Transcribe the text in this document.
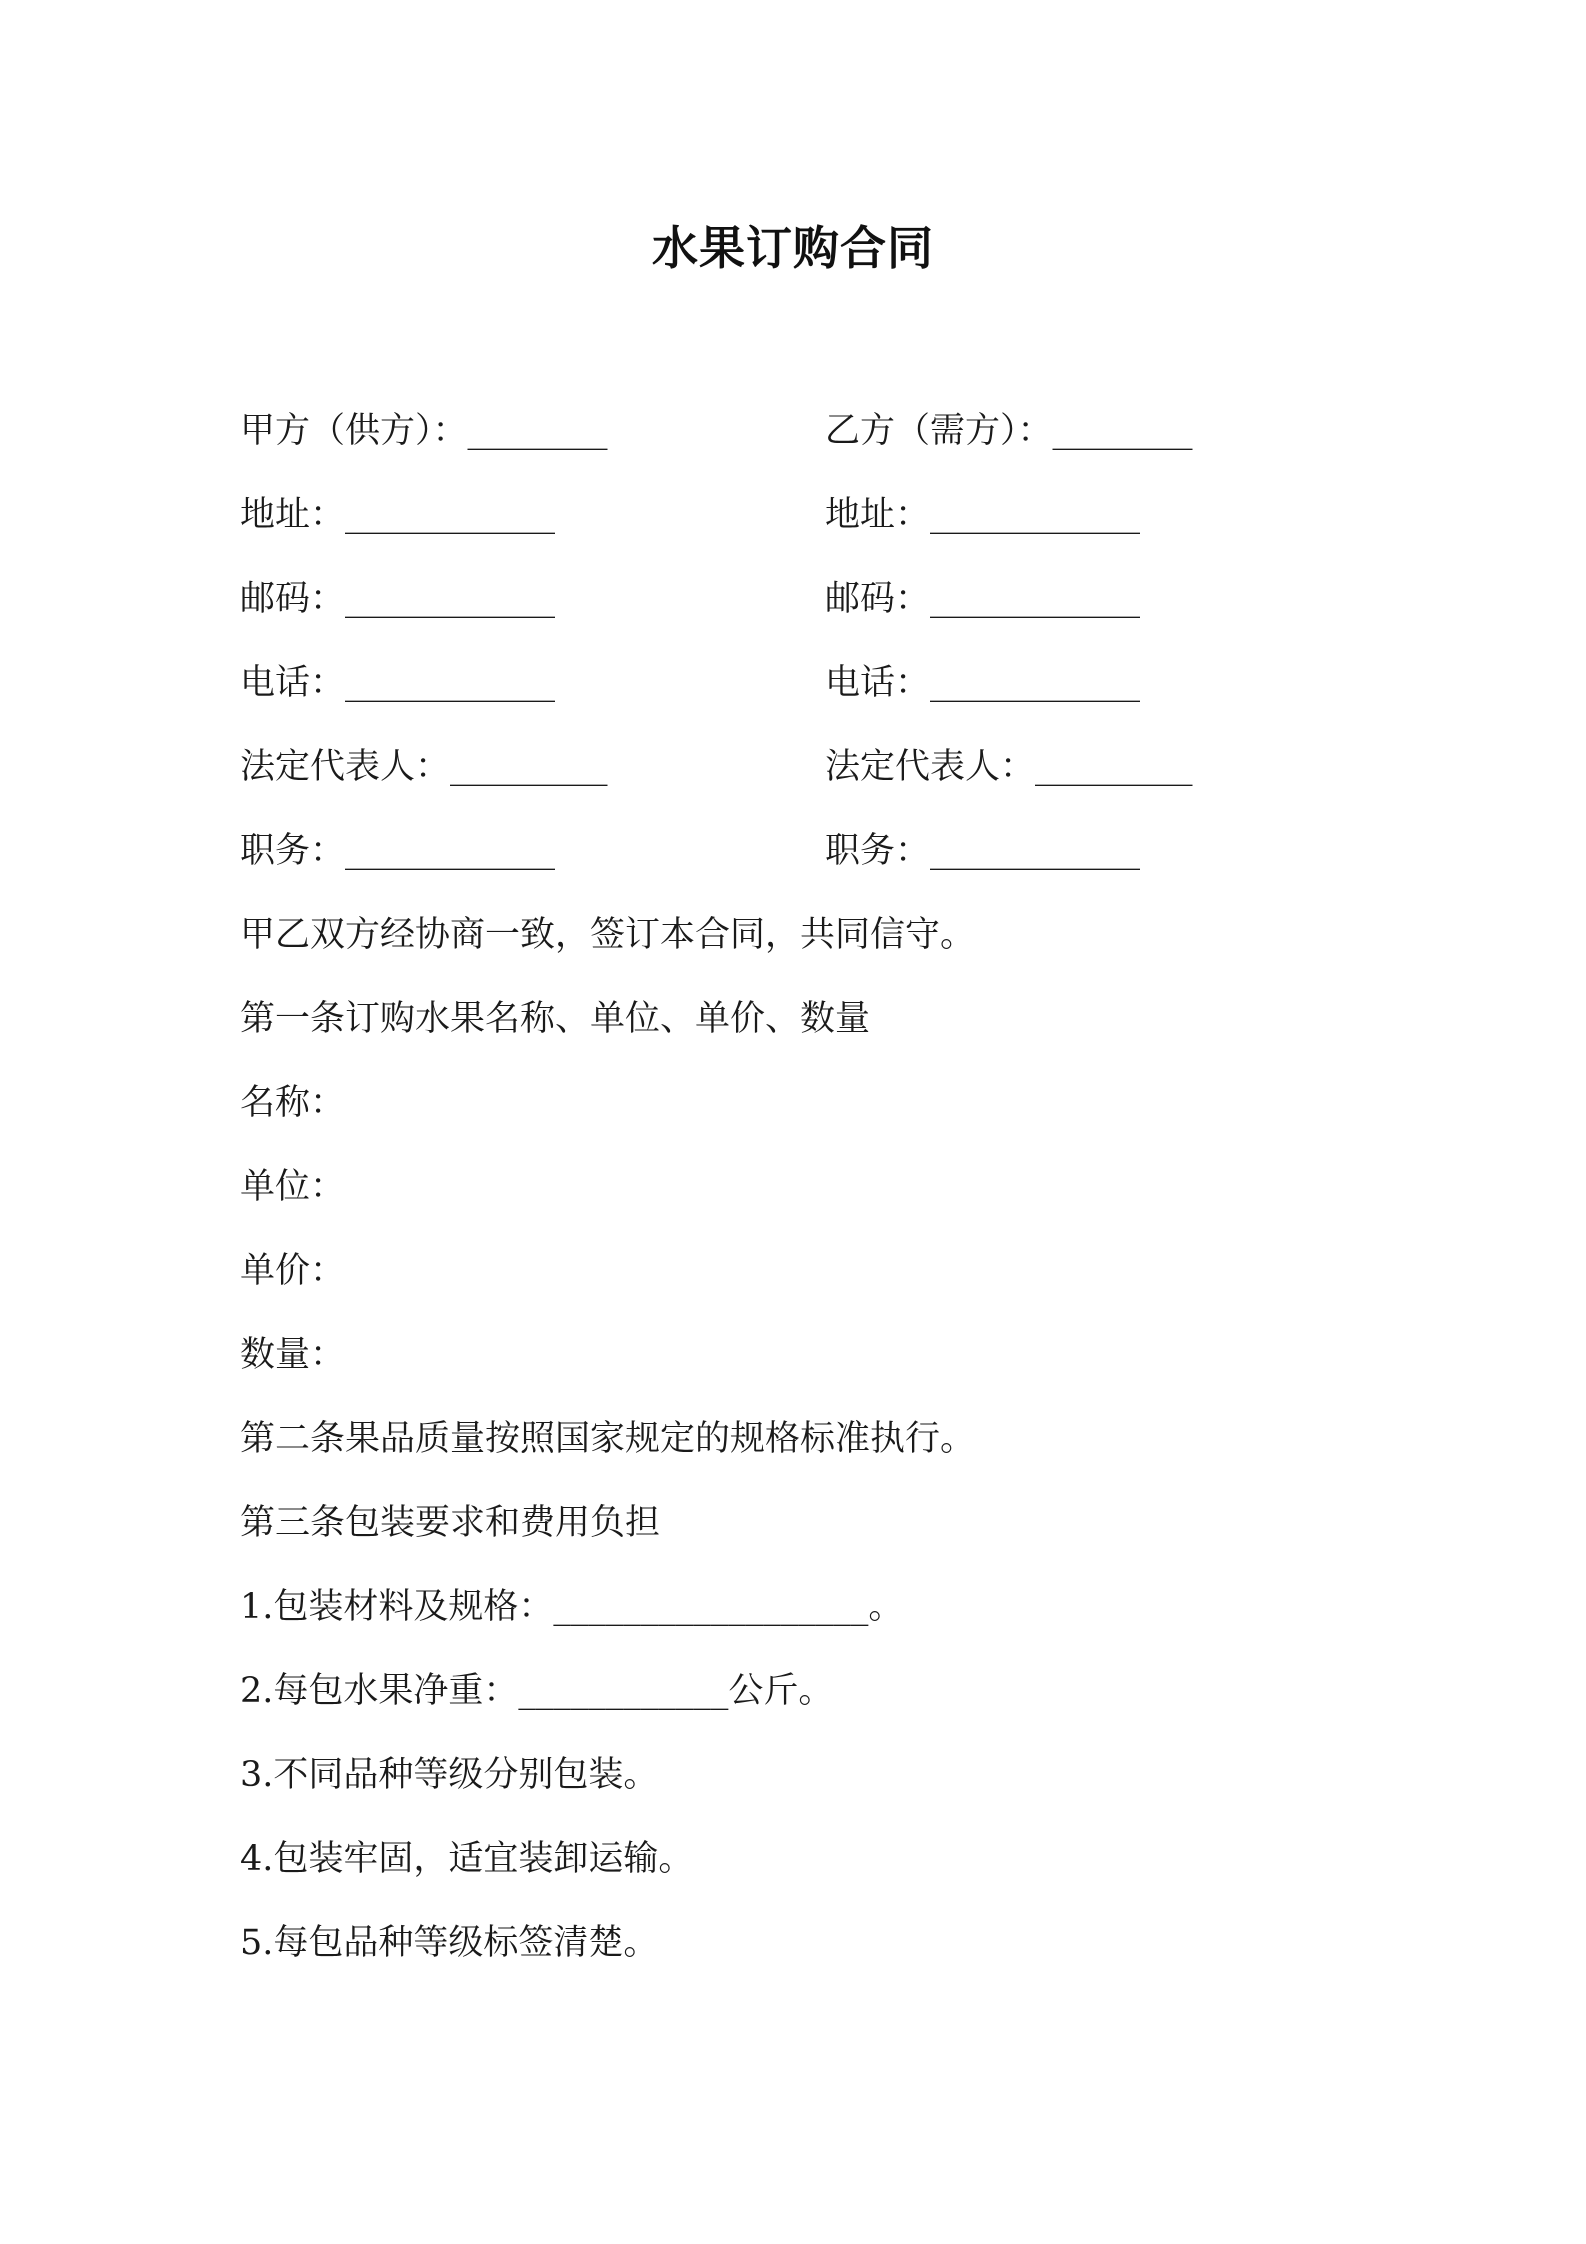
水果订购合同
甲方（供方）：________	乙方（需方）：________
地址：____________	地址：____________
邮码：____________	邮码：____________
电话：____________	电话：____________
法定代表人：_________	法定代表人：_________
职务：____________	职务：____________
甲乙双方经协商一致，签订本合同，共同信守。
第一条订购水果名称、单位、单价、数量
名称：
单位：
单价：
数量：
第二条果品质量按照国家规定的规格标准执行。
第三条包装要求和费用负担
1.包装材料及规格：__________________。
2.每包水果净重：____________公斤。
3.不同品种等级分别包装。
4.包装牢固，适宜装卸运输。
5.每包品种等级标签清楚。
